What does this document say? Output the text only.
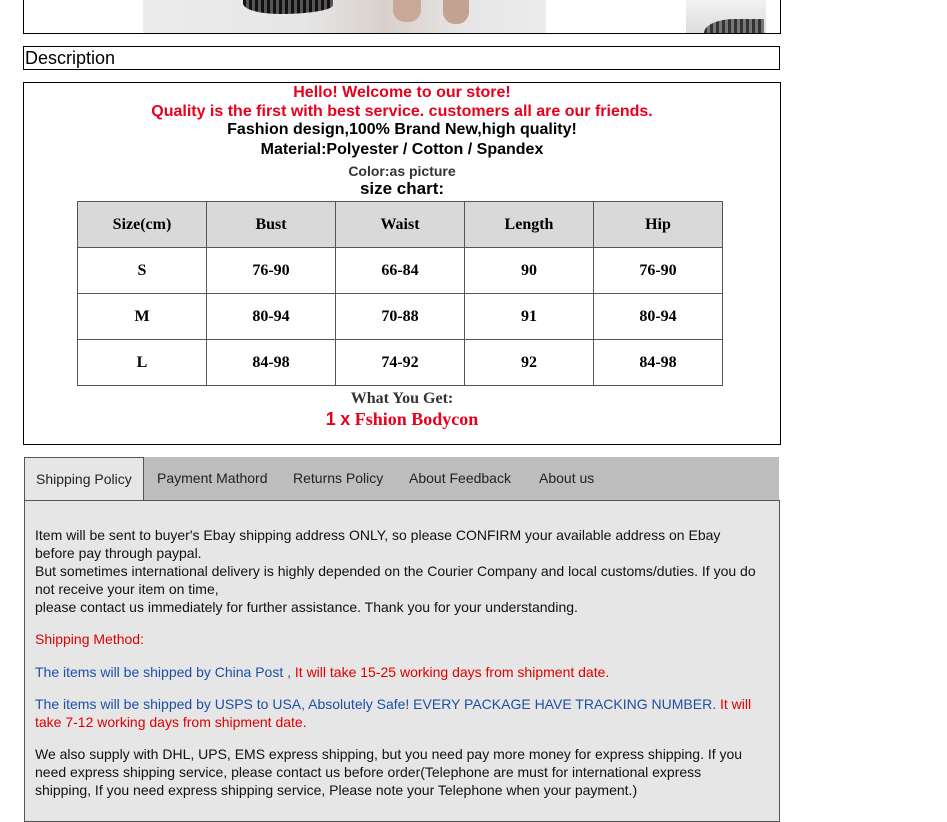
Description
Hello! Welcome to our store!
Quality is the first with best service. customers all are our friends.
Fashion design,100% Brand New,high quality!
Material:Polyester / Cotton / Spandex
Color:as picture
size chart:
Size(cm)	Bust	Waist	Length	Hip
S	76-90	66-84	90	76-90
M	80-94	70-88	91	80-94
L	84-98	74-92	92	84-98
What You Get:
1 x Fshion Bodycon
Shipping Policy	Payment Mathord Returns Policy About Feedback About us

Item will be sent to buyer's Ebay shipping address ONLY, so please CONFIRM your available address on Ebay

before pay through paypal.

But sometimes international delivery is highly depended on the Courier Company and local customs/duties. If you do

not receive your item on time,

please contact us immediately for further assistance. Thank you for your understanding.

Shipping Method:

The items will be shipped by China Post , It will take 15-25 working days from shipment date.

The items will be shipped by USPS to USA, Absolutely Safe! EVERY PACKAGE HAVE TRACKING NUMBER. It will

take 7-12 working days from shipment date.

We also supply with DHL, UPS, EMS express shipping, but you need pay more money for express shipping. If you

need express shipping service, please contact us before order(Telephone are must for international express

shipping, If you need express shipping service, Please note your Telephone when your payment.)
